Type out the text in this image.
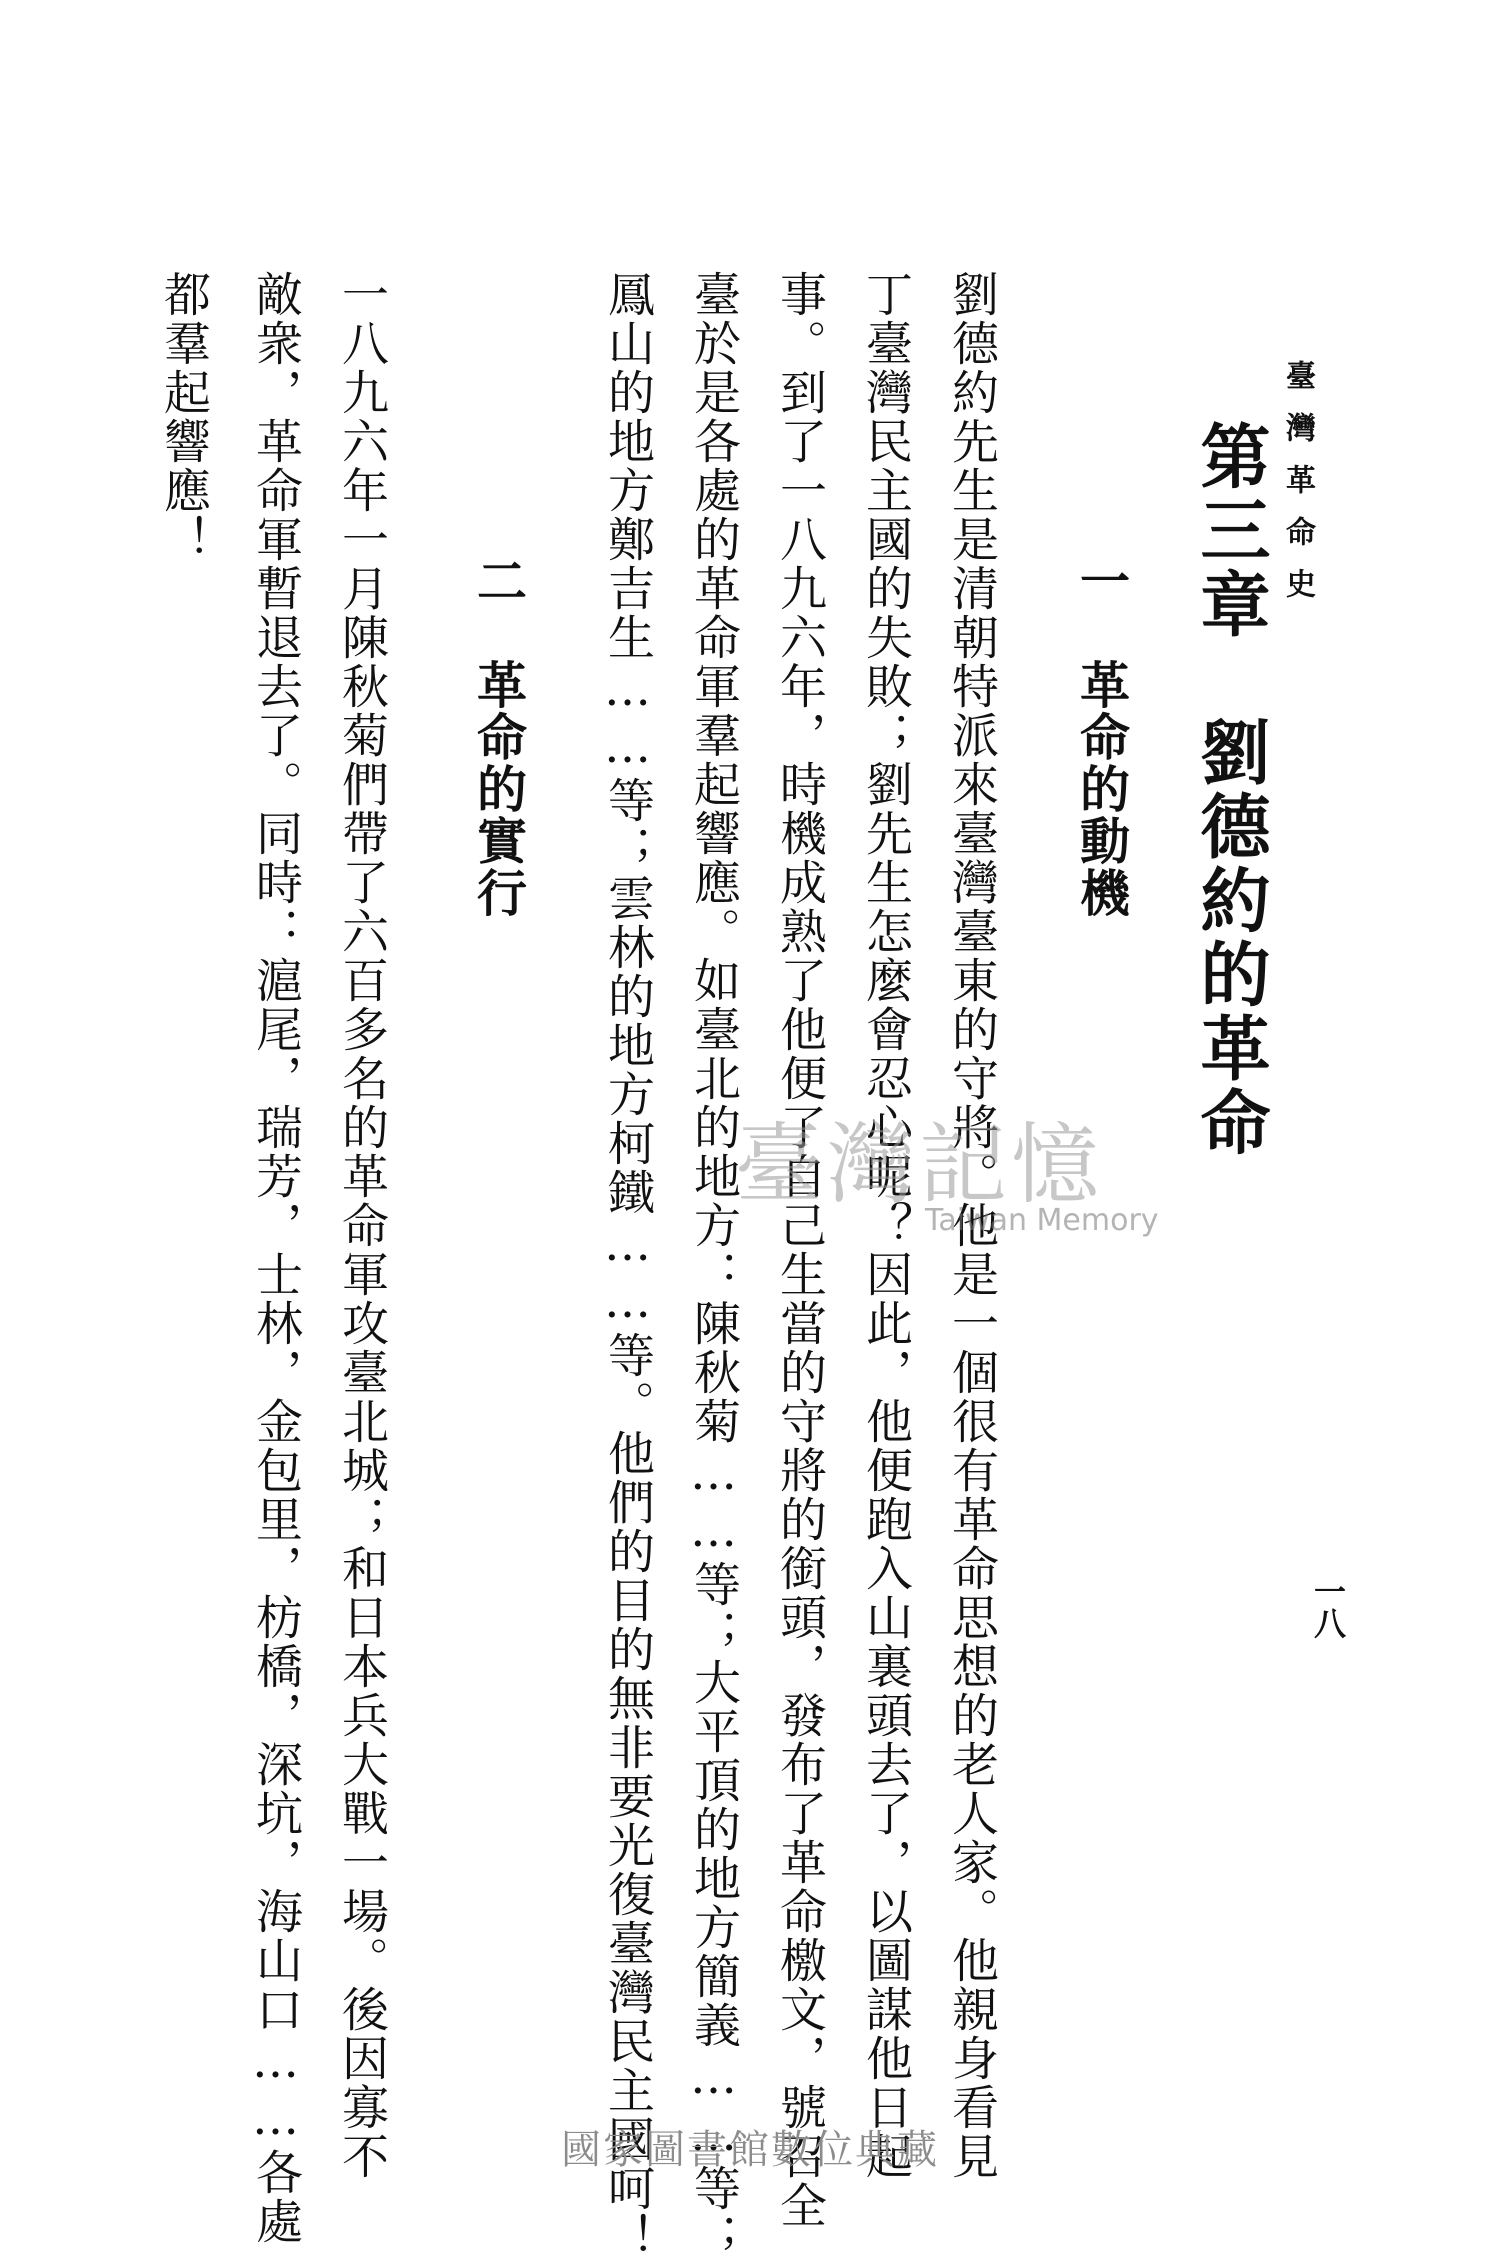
臺灣革命史

一八

第三章　劉德約的革命
一　革命的動機

劉德約先生是清朝特派來臺灣臺東的守將。他是一個很有革命思想的老人家。他親身看見

丁臺灣民主國的失敗；劉先生怎麼會忍心呢？因此，他便跑入山裏頭去了，以圖謀他日起

事。到了一八九六年，時機成熟了他便了自己生當的守將的銜頭，發布了革命檄文，號召全

臺於是各處的革命軍羣起響應。如臺北的地方：陳秋菊……等；大平頂的地方簡義……等；

鳳山的地方鄭吉生……等；雲林的地方柯鐵……等。他們的目的無非要光復臺灣民主國呵！

二　革命的實行

一八九六年一月陳秋菊們帶了六百多名的革命軍攻臺北城；和日本兵大戰一場。後因寡不

敵衆，革命軍暫退去了。同時：滬尾，瑞芳，士林，金包里，枋橋，深坑，海山口……各處

都羣起響應！

臺灣記憶
Taiwan Memory
國家圖書館數位典藏
